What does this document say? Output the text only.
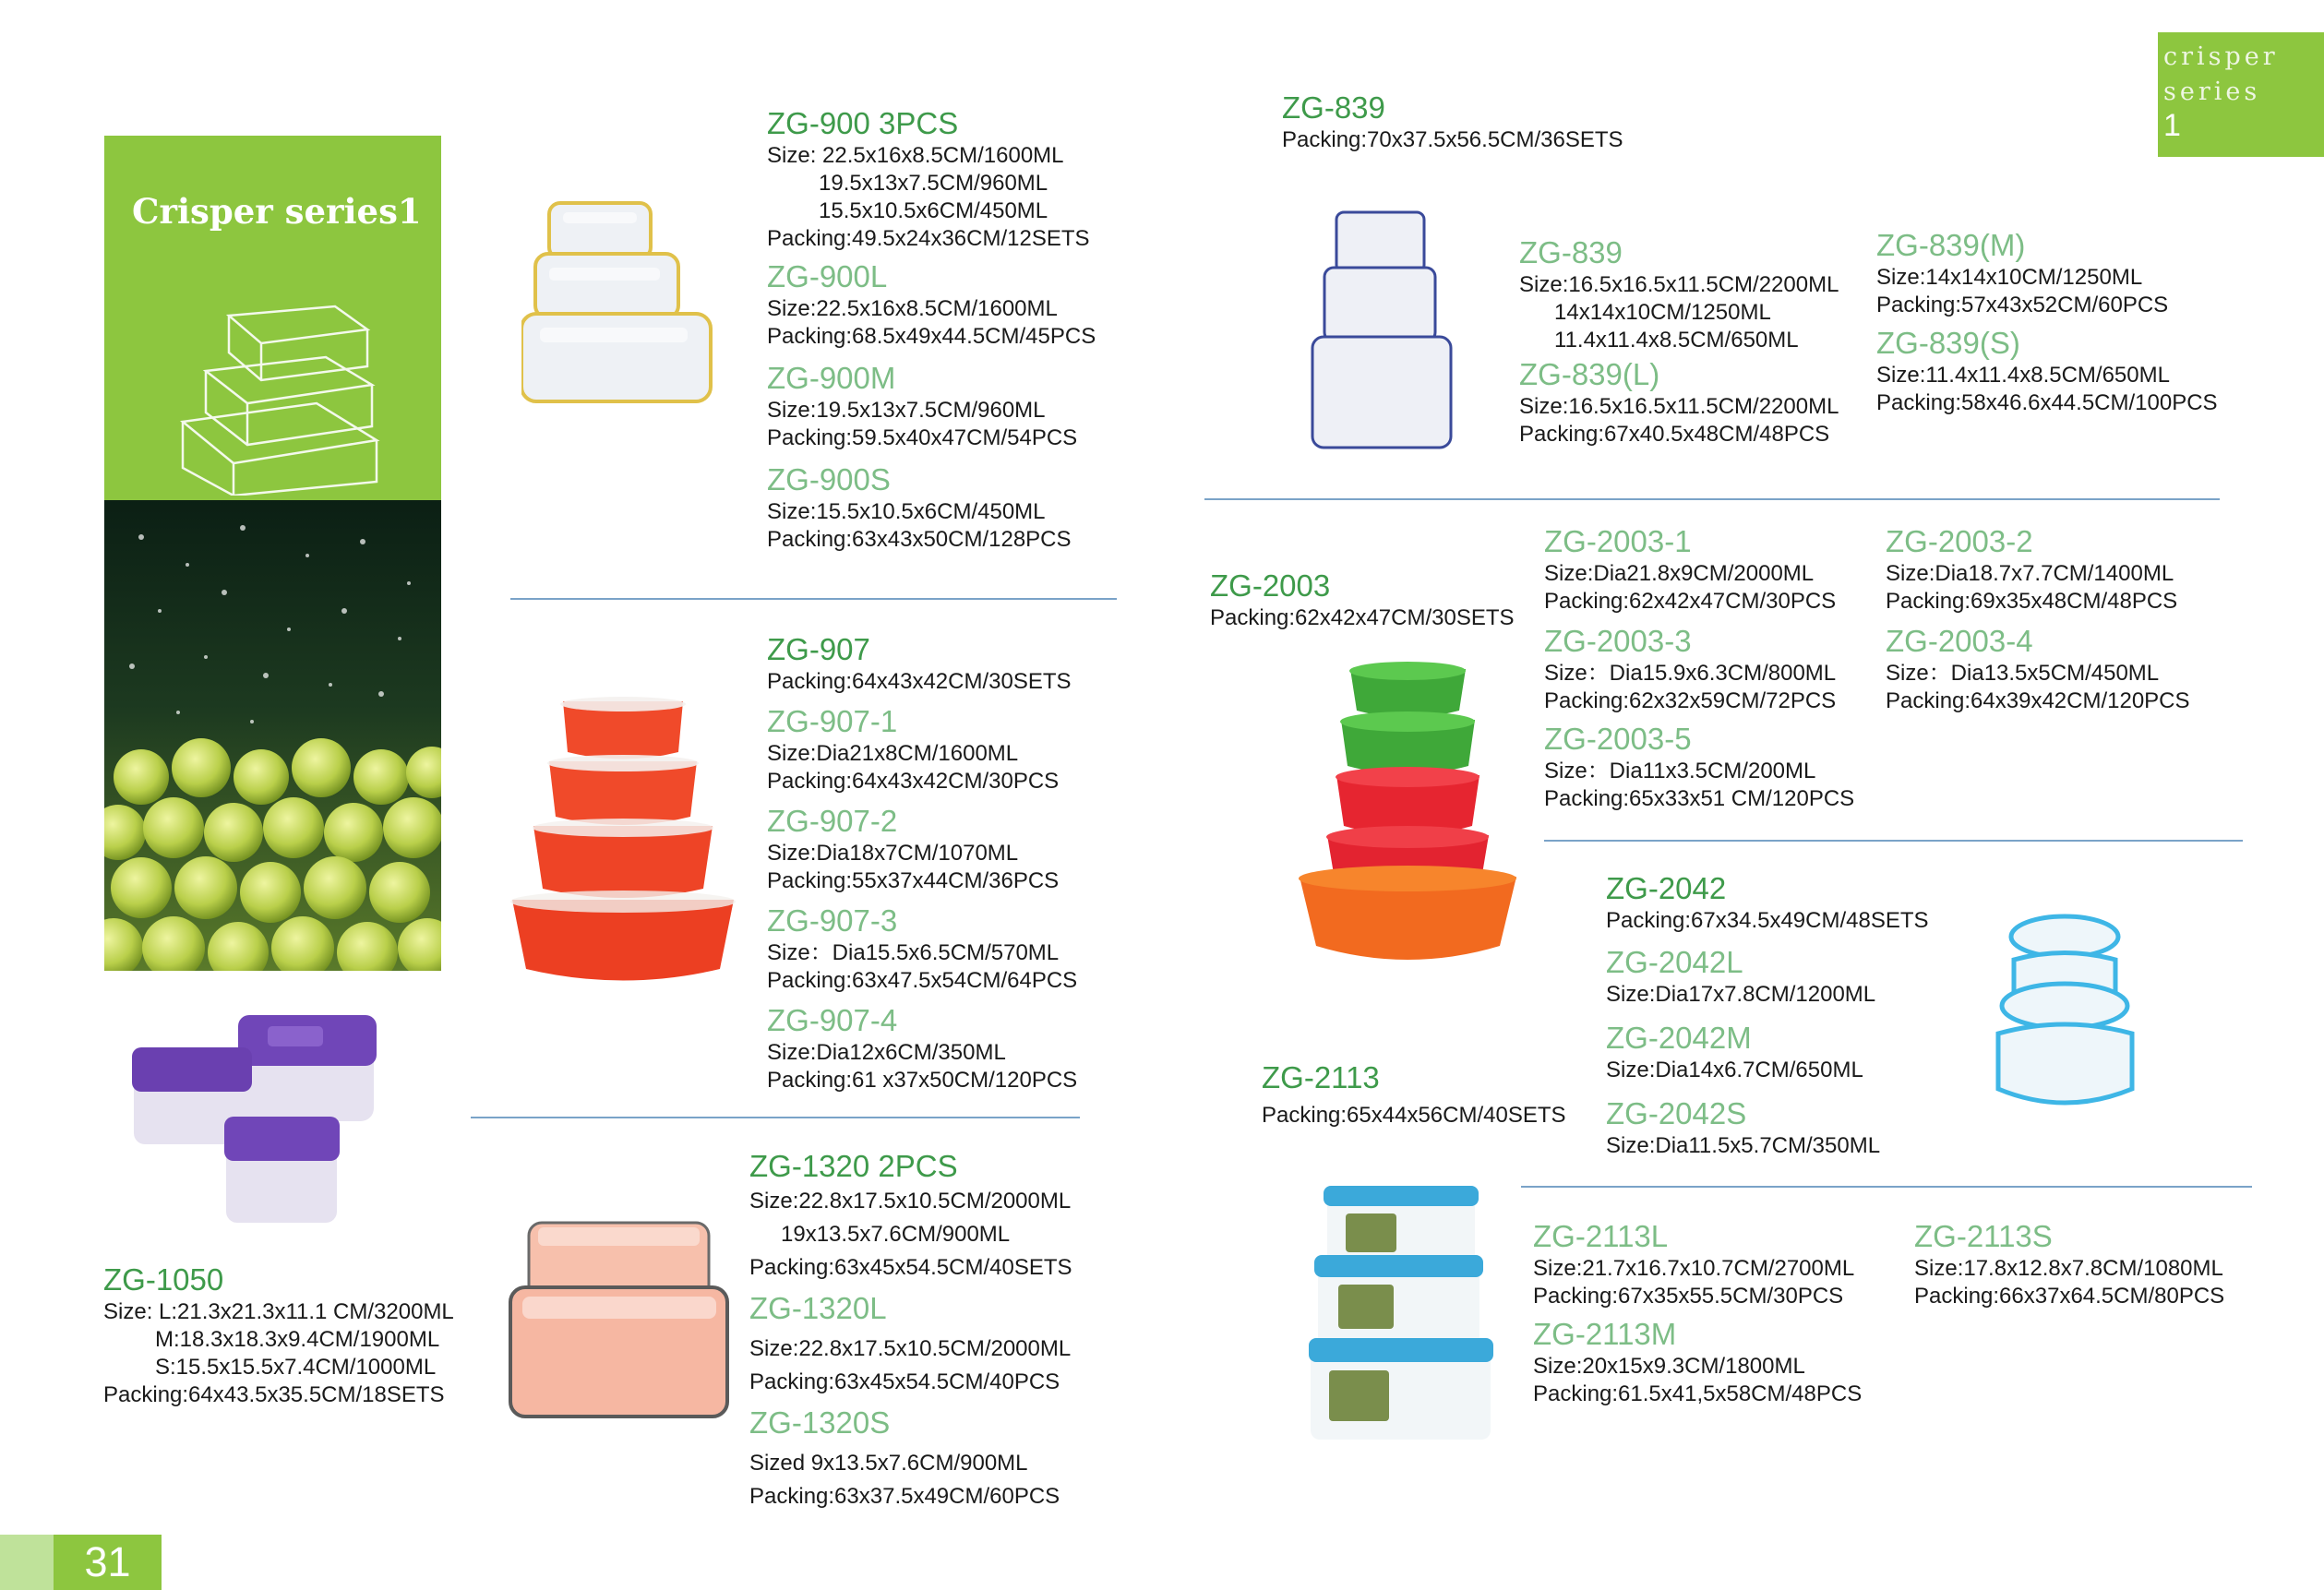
crisper
series
1
Crisper series1
ZG-900 3PCS
Size: 22.5x16x8.5CM/1600ML
19.5x13x7.5CM/960ML
15.5x10.5x6CM/450ML
Packing:49.5x24x36CM/12SETS
ZG-900L
Size:22.5x16x8.5CM/1600ML
Packing:68.5x49x44.5CM/45PCS
ZG-900M
Size:19.5x13x7.5CM/960ML
Packing:59.5x40x47CM/54PCS
ZG-900S
Size:15.5x10.5x6CM/450ML
Packing:63x43x50CM/128PCS
ZG-907
Packing:64x43x42CM/30SETS
ZG-907-1
Size:Dia21x8CM/1600ML
Packing:64x43x42CM/30PCS
ZG-907-2
Size:Dia18x7CM/1070ML
Packing:55x37x44CM/36PCS
ZG-907-3
Size：Dia15.5x6.5CM/570ML
Packing:63x47.5x54CM/64PCS
ZG-907-4
Size:Dia12x6CM/350ML
Packing:61 x37x50CM/120PCS
ZG-1050
Size: L:21.3x21.3x11.1 CM/3200ML
M:18.3x18.3x9.4CM/1900ML
S:15.5x15.5x7.4CM/1000ML
Packing:64x43.5x35.5CM/18SETS
ZG-1320 2PCS
Size:22.8x17.5x10.5CM/2000ML
19x13.5x7.6CM/900ML
Packing:63x45x54.5CM/40SETS
ZG-1320L
Size:22.8x17.5x10.5CM/2000ML
Packing:63x45x54.5CM/40PCS
ZG-1320S
Sized 9x13.5x7.6CM/900ML
Packing:63x37.5x49CM/60PCS
ZG-839
Packing:70x37.5x56.5CM/36SETS
ZG-839
Size:16.5x16.5x11.5CM/2200ML
14x14x10CM/1250ML
11.4x11.4x8.5CM/650ML
ZG-839(L)
Size:16.5x16.5x11.5CM/2200ML
Packing:67x40.5x48CM/48PCS
ZG-839(M)
Size:14x14x10CM/1250ML
Packing:57x43x52CM/60PCS
ZG-839(S)
Size:11.4x11.4x8.5CM/650ML
Packing:58x46.6x44.5CM/100PCS
ZG-2003
Packing:62x42x47CM/30SETS
ZG-2003-1
Size:Dia21.8x9CM/2000ML
Packing:62x42x47CM/30PCS
ZG-2003-3
Size：Dia15.9x6.3CM/800ML
Packing:62x32x59CM/72PCS
ZG-2003-5
Size：Dia11x3.5CM/200ML
Packing:65x33x51 CM/120PCS
ZG-2003-2
Size:Dia18.7x7.7CM/1400ML
Packing:69x35x48CM/48PCS
ZG-2003-4
Size：Dia13.5x5CM/450ML
Packing:64x39x42CM/120PCS
ZG-2042
Packing:67x34.5x49CM/48SETS
ZG-2042L
Size:Dia17x7.8CM/1200ML
ZG-2042M
Size:Dia14x6.7CM/650ML
ZG-2042S
Size:Dia11.5x5.7CM/350ML
ZG-2113
Packing:65x44x56CM/40SETS
ZG-2113L
Size:21.7x16.7x10.7CM/2700ML
Packing:67x35x55.5CM/30PCS
ZG-2113M
Size:20x15x9.3CM/1800ML
Packing:61.5x41,5x58CM/48PCS
ZG-2113S
Size:17.8x12.8x7.8CM/1080ML
Packing:66x37x64.5CM/80PCS
31
